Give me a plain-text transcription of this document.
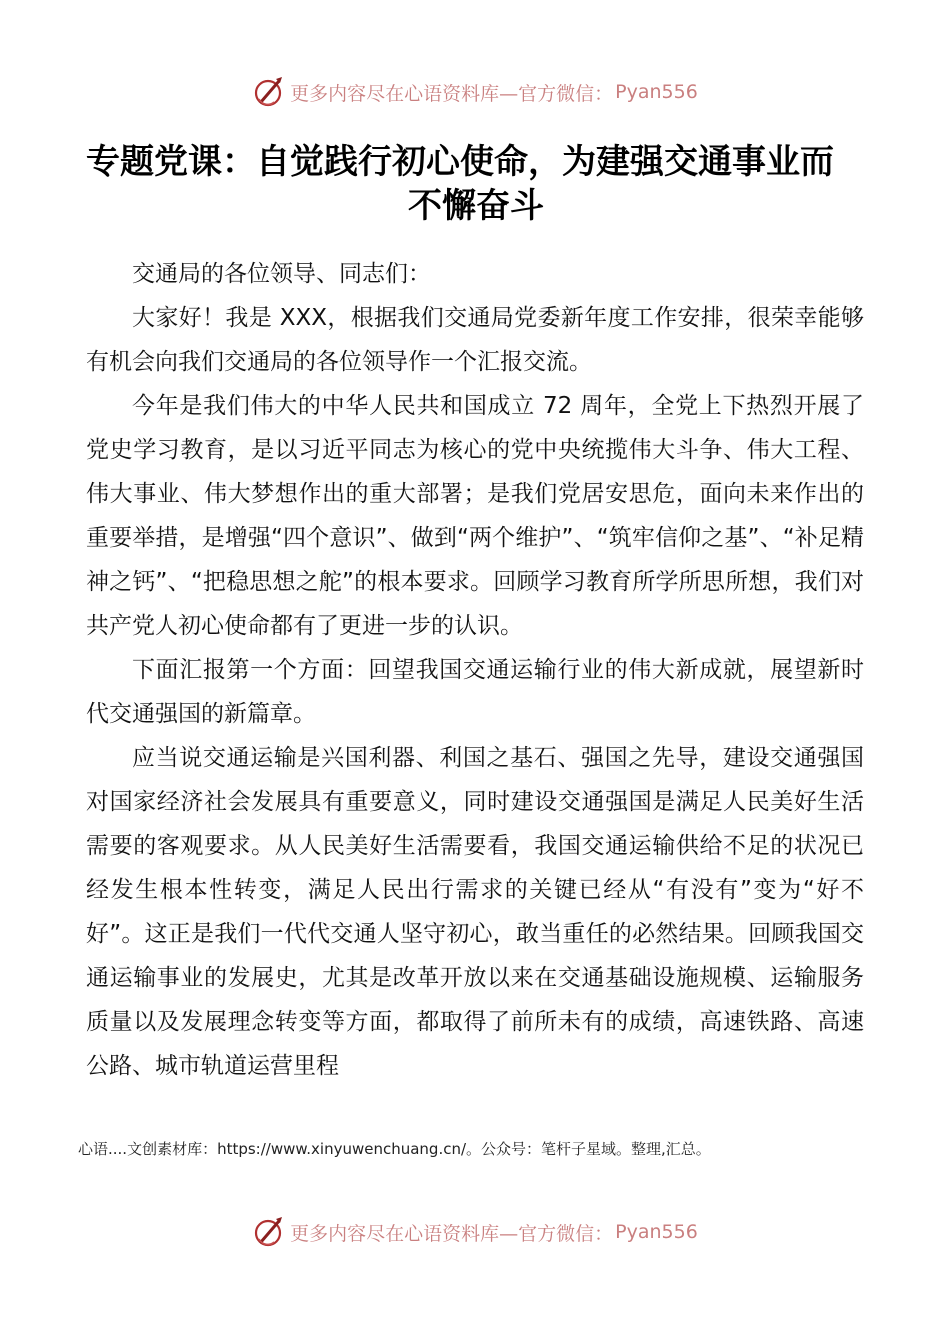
更多内容尽在心语资料库—官方微信： Pyan556
专题党课：自觉践行初心使命，为建强交通事业而
不懈奋斗

交通局的各位领导、同志们：

大家好！我是 XXX，根据我们交通局党委新年度工作安排，很荣幸能够有机会向我们交通局的各位领导作一个汇报交流。

今年是我们伟大的中华人民共和国成立 72 周年，全党上下热烈开展了党史学习教育，是以习近平同志为核心的党中央统揽伟大斗争、伟大工程、伟大事业、伟大梦想作出的重大部署；是我们党居安思危，面向未来作出的重要举措，是增强“四个意识”、做到“两个维护”、“筑牢信仰之基”、“补足精神之钙”、“把稳思想之舵”的根本要求。回顾学习教育所学所思所想，我们对共产党人初心使命都有了更进一步的认识。

下面汇报第一个方面：回望我国交通运输行业的伟大新成就，展望新时代交通强国的新篇章。

应当说交通运输是兴国利器、利国之基石、强国之先导，建设交通强国对国家经济社会发展具有重要意义，同时建设交通强国是满足人民美好生活需要的客观要求。从人民美好生活需要看，我国交通运输供给不足的状况已经发生根本性转变，满足人民出行需求的关键已经从“有没有”变为“好不好”。这正是我们一代代交通人坚守初心，敢当重任的必然结果。回顾我国交通运输事业的发展史，尤其是改革开放以来在交通基础设施规模、运输服务质量以及发展理念转变等方面，都取得了前所未有的成绩，高速铁路、高速公路、城市轨道运营里程

心语....文创素材库：https://www.xinyuwenchuang.cn/。公众号：笔杆子星域。整理,汇总。
更多内容尽在心语资料库—官方微信： Pyan556
